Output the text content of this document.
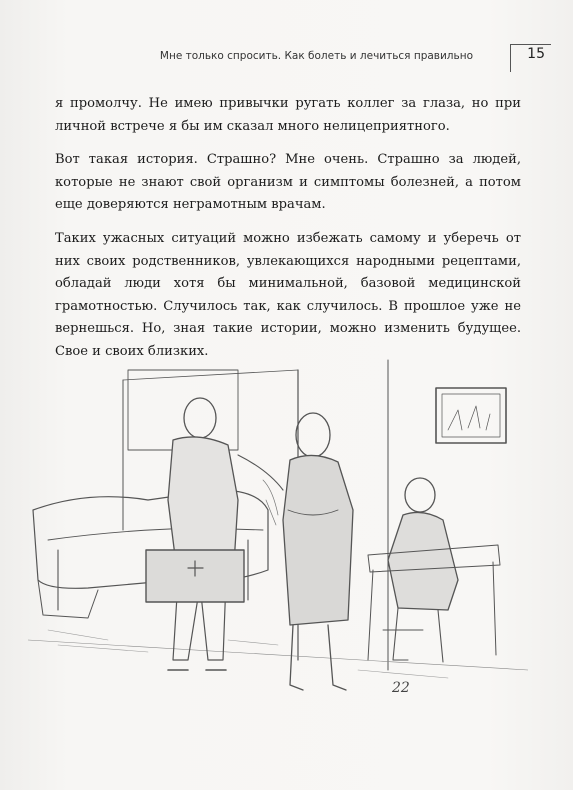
Мне только спросить. Как болеть и лечиться правильно	15

я промолчу. Не имею привычки ругать коллег за глаза, но при личной встрече я бы им сказал много нелицеприятного.

Вот такая история. Страшно? Мне очень. Страшно за людей, которые не знают свой организм и симптомы болезней, а потом еще доверяются неграмотным врачам.

Таких ужасных ситуаций можно избежать самому и уберечь от них своих родственников, увлекающихся народными рецептами, обладай люди хотя бы минимальной, базовой медицинской грамотностью. Случилось так, как случилось. В прошлое уже не вернешься. Но, зная такие истории, можно изменить будущее. Свое и своих близких.

22
